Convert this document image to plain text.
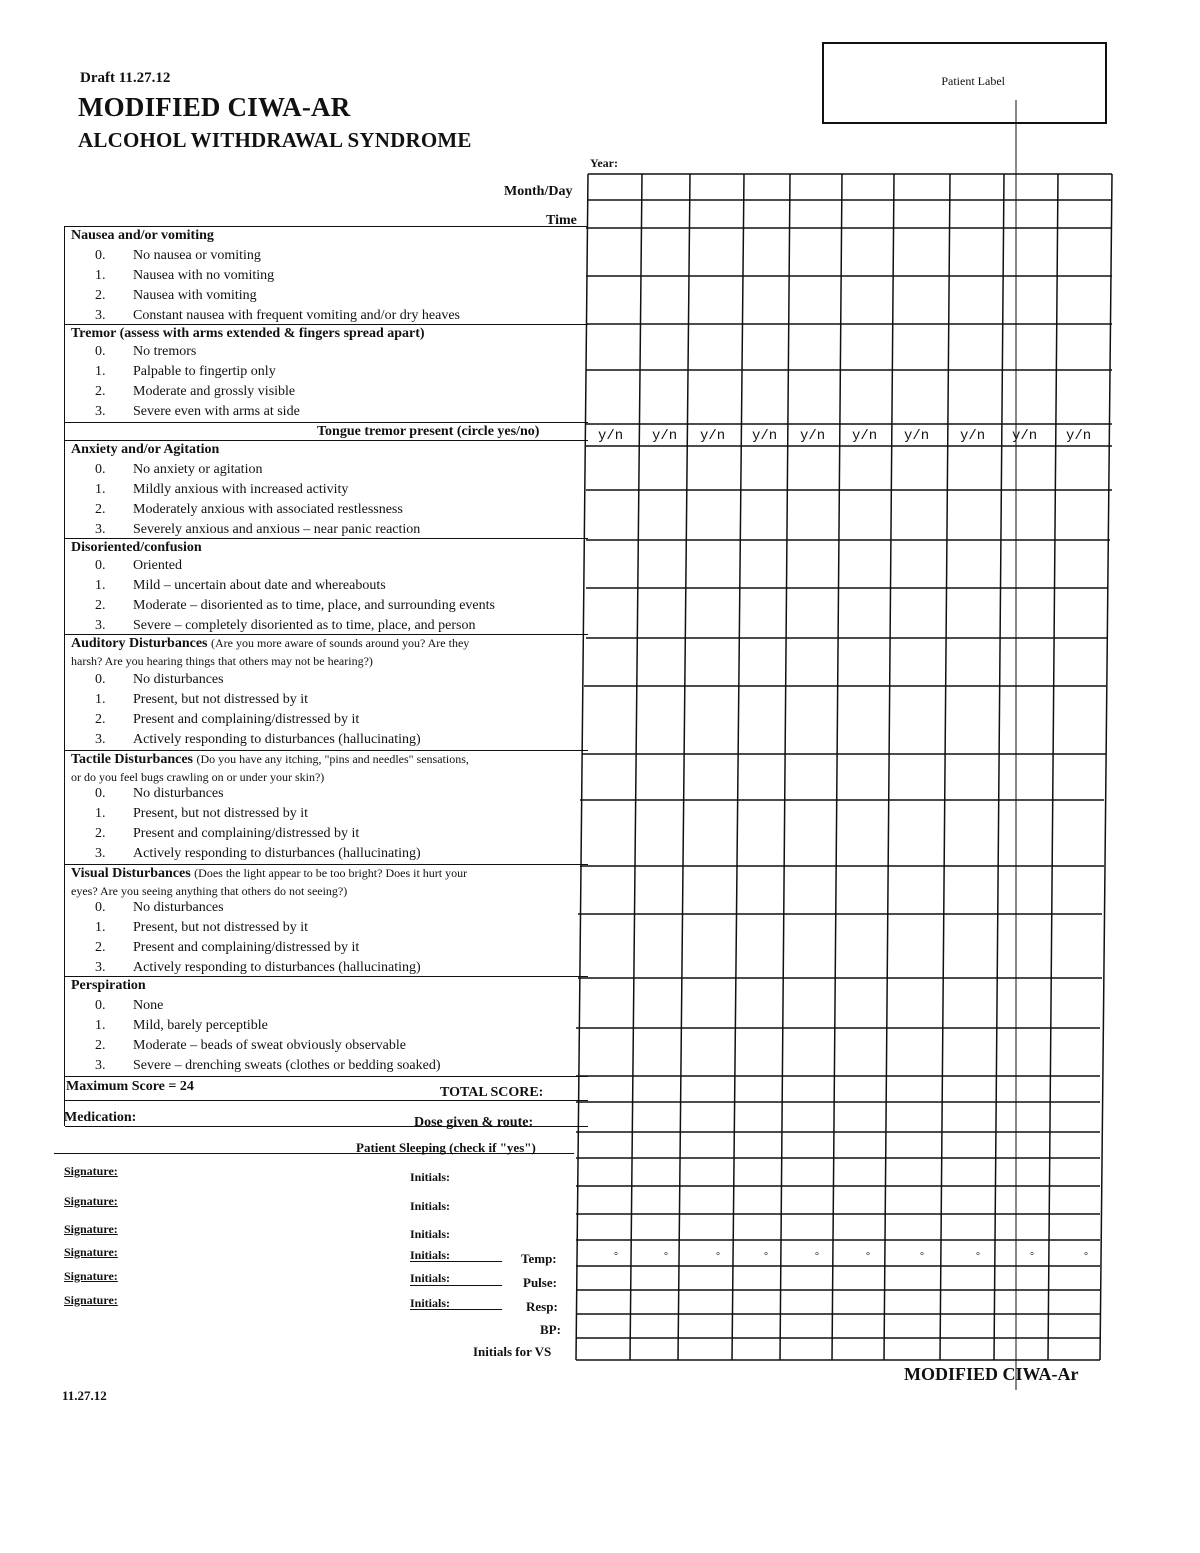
Draft 11.27.12
MODIFIED CIWA-AR
ALCOHOL WITHDRAWAL SYNDROME
Patient Label
Year:
Month/Day
Time
Nausea and/or vomiting
0. No nausea or vomiting
1. Nausea with no vomiting
2. Nausea with vomiting
3. Constant nausea with frequent vomiting and/or dry heaves
Tremor (assess with arms extended & fingers spread apart)
0. No tremors
1. Palpable to fingertip only
2. Moderate and grossly visible
3. Severe even with arms at side
Tongue tremor present (circle yes/no)
Anxiety and/or Agitation
0. No anxiety or agitation
1. Mildly anxious with increased activity
2. Moderately anxious with associated restlessness
3. Severely anxious and anxious – near panic reaction
Disoriented/confusion
0. Oriented
1. Mild – uncertain about date and whereabouts
2. Moderate – disoriented as to time, place, and surrounding events
3. Severe – completely disoriented as to time, place, and person
Auditory Disturbances (Are you more aware of sounds around you? Are they
harsh? Are you hearing things that others may not be hearing?)
0. No disturbances
1. Present, but not distressed by it
2. Present and complaining/distressed by it
3. Actively responding to disturbances (hallucinating)
Tactile Disturbances (Do you have any itching, "pins and needles" sensations,
or do you feel bugs crawling on or under your skin?)
0. No disturbances
1. Present, but not distressed by it
2. Present and complaining/distressed by it
3. Actively responding to disturbances (hallucinating)
Visual Disturbances (Does the light appear to be too bright? Does it hurt your
eyes? Are you seeing anything that others do not seeing?)
0. No disturbances
1. Present, but not distressed by it
2. Present and complaining/distressed by it
3. Actively responding to disturbances (hallucinating)
Perspiration
0. None
1. Mild, barely perceptible
2. Moderate – beads of sweat obviously observable
3. Severe – drenching sweats (clothes or bedding soaked)
Maximum Score = 24	TOTAL SCORE:
Medication:	Dose given & route:
Patient Sleeping (check if "yes")
Signature:	Initials:
Signature:	Initials:
Signature:	Initials:
Signature:	Initials:
Signature:	Initials:
Signature:	Initials:
Temp:
Pulse:
Resp:
BP:
Initials for VS
y/n y/n y/n y/n y/n y/n y/n y/n y/n y/n
°	°	°	°	°	°	°	°	°	°
11.27.12
MODIFIED CIWA-Ar
